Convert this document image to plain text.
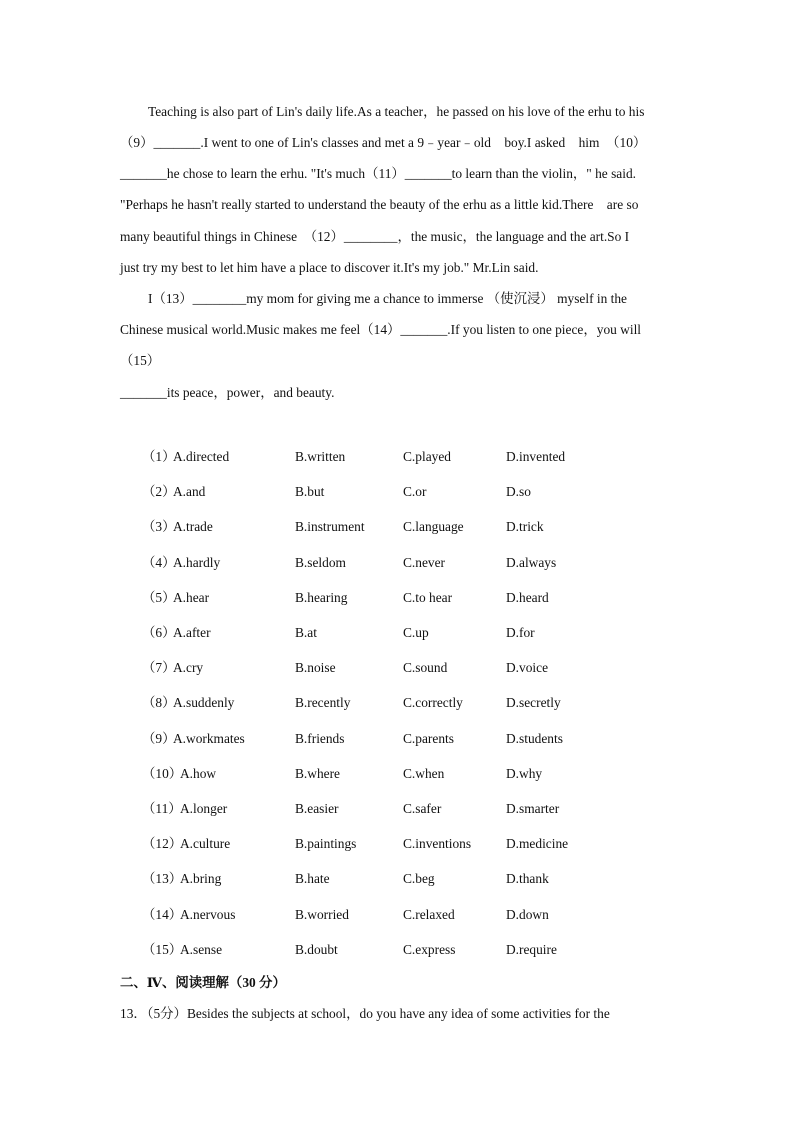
Teaching is also part of Lin's daily life.As a teacher，he passed on his love of the erhu to his
（9）_______.I went to one of Lin's classes and met a 9﹣year﹣old　boy.I asked　him　（10）
_______he chose to learn the erhu. "It's much（11）_______to learn than the violin，" he said.
"Perhaps he hasn't really started to understand the beauty of the erhu as a little kid.There　are so
many beautiful things in Chinese　（12）________，the music，the language and the art.So I
just try my best to let him have a place to discover it.It's my job." Mr.Lin said.
I（13）________my mom for giving me a chance to immerse （使沉浸） myself in the
Chinese musical world.Music makes me feel（14）_______.If you listen to one piece，you will
（15）
_______its peace，power，and beauty.
（1）
A.directed	B.written	C.played	D.invented
（2）
A.and	B.but	C.or	D.so
（3）
A.trade	B.instrument	C.language	D.trick
（4）
A.hardly	B.seldom	C.never	D.always
（5）
A.hear	B.hearing	C.to hear	D.heard
（6）
A.after	B.at	C.up	D.for
（7）
A.cry	B.noise	C.sound	D.voice
（8）
A.suddenly	B.recently	C.correctly	D.secretly
（9）
A.workmates	B.friends	C.parents	D.students
（10）
A.how	B.where	C.when	D.why
（11）
A.longer	B.easier	C.safer	D.smarter
（12）
A.culture	B.paintings	C.inventions	D.medicine
（13）
A.bring	B.hate	C.beg	D.thank
（14）
A.nervous	B.worried	C.relaxed	D.down
（15）
A.sense	B.doubt	C.express	D.require
二、Ⅳ、阅读理解（30 分）
13．（5分）Besides the subjects at school，do you have any idea of some activities for the
